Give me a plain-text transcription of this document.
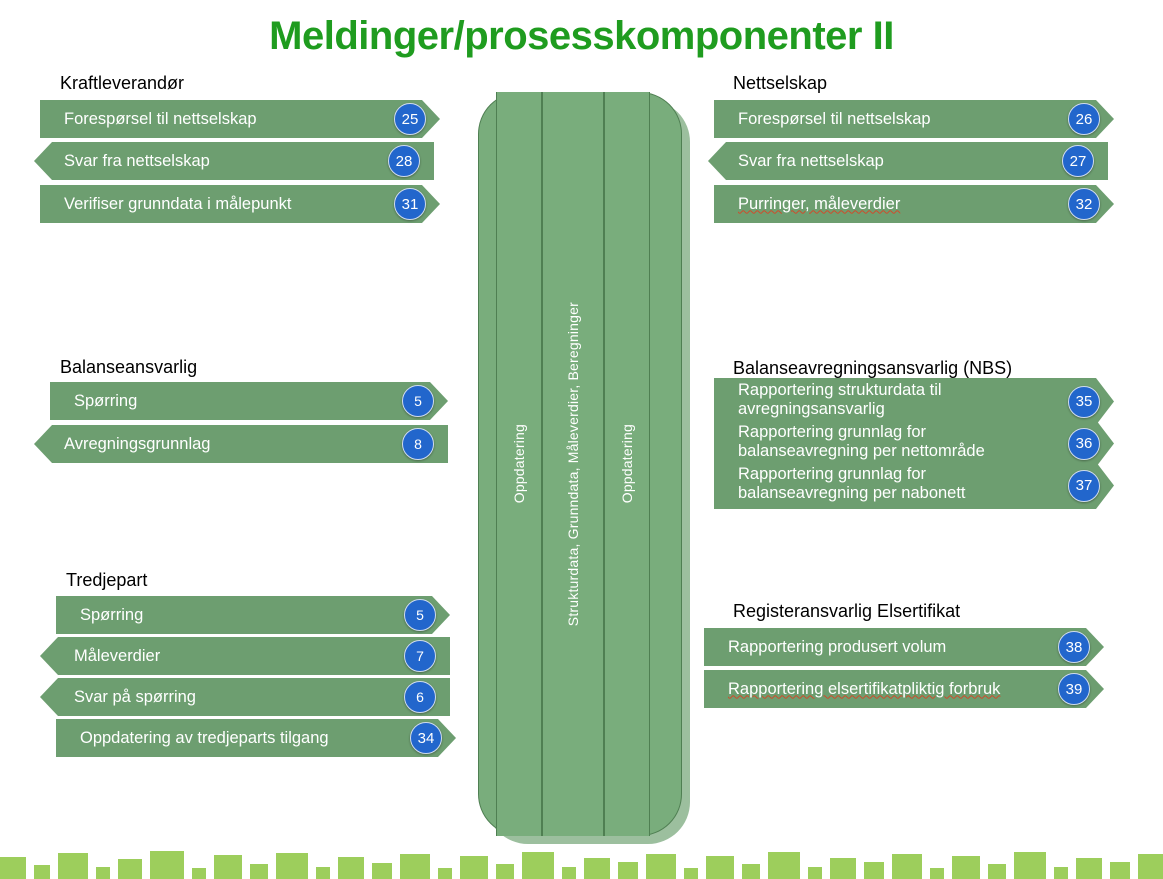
Meldinger/prosesskomponenter II
Kraftleverandør
Forespørsel til nettselskap	25
Svar fra nettselskap	28
Verifiser grunndata i målepunkt	31
Nettselskap
Forespørsel til nettselskap	26
Svar fra nettselskap	27
Purringer, måleverdier	32
Balanseansvarlig
Spørring	5
Avregningsgrunnlag	8
Balanseavregningsansvarlig (NBS)
Rapportering strukturdata til avregningsansvarlig	35
Rapportering grunnlag for balanseavregning per nettområde	36
Rapportering grunnlag for balanseavregning per nabonett	37
Tredjepart
Spørring	5
Måleverdier	7
Svar på spørring	6
Oppdatering av tredjeparts tilgang	34
Registeransvarlig Elsertifikat
Rapportering produsert volum	38
Rapportering elsertifikatpliktig forbruk	39
Oppdatering	Strukturdata, Grunndata, Måleverdier, Beregninger	Oppdatering
